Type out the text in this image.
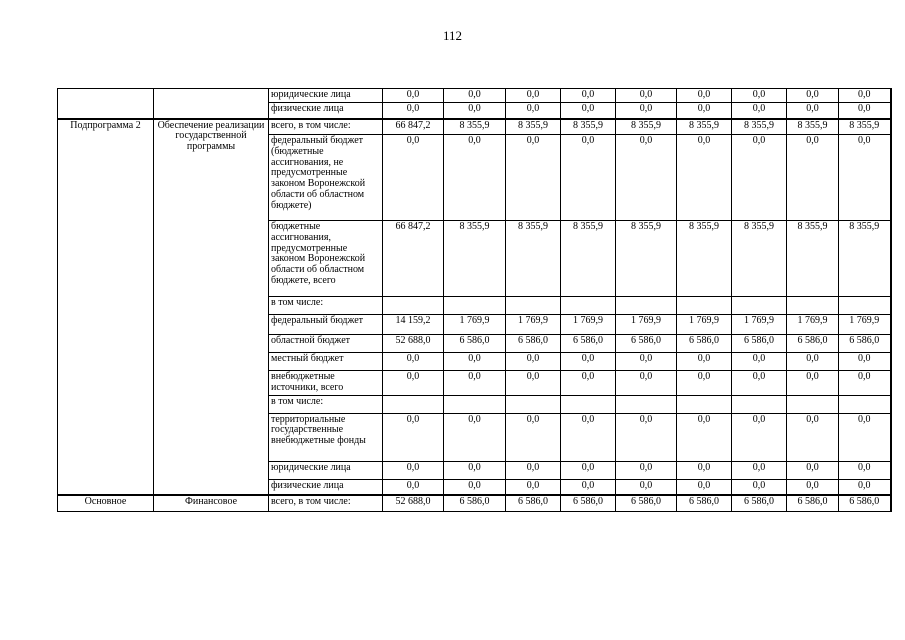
112
		юридические лица	0,0	0,0	0,0	0,0	0,0	0,0	0,0	0,0	0,0
		физические лица	0,0	0,0	0,0	0,0	0,0	0,0	0,0	0,0	0,0
Подпрограмма 2	Обеспечение реализации государственной программы	всего, в том числе:	66 847,2	8 355,9	8 355,9	8 355,9	8 355,9	8 355,9	8 355,9	8 355,9	8 355,9
		федеральный бюджет (бюджетные ассигнования, не предусмотренные законом Воронежской области об областном бюджете)	0,0	0,0	0,0	0,0	0,0	0,0	0,0	0,0	0,0
		бюджетные ассигнования, предусмотренные законом Воронежской области об областном бюджете, всего	66 847,2	8 355,9	8 355,9	8 355,9	8 355,9	8 355,9	8 355,9	8 355,9	8 355,9
		в том числе:									
		федеральный бюджет	14 159,2	1 769,9	1 769,9	1 769,9	1 769,9	1 769,9	1 769,9	1 769,9	1 769,9
		областной бюджет	52 688,0	6 586,0	6 586,0	6 586,0	6 586,0	6 586,0	6 586,0	6 586,0	6 586,0
		местный бюджет	0,0	0,0	0,0	0,0	0,0	0,0	0,0	0,0	0,0
		внебюджетные источники, всего	0,0	0,0	0,0	0,0	0,0	0,0	0,0	0,0	0,0
		в том числе:									
		территориальные государственные внебюджетные фонды	0,0	0,0	0,0	0,0	0,0	0,0	0,0	0,0	0,0
		юридические лица	0,0	0,0	0,0	0,0	0,0	0,0	0,0	0,0	0,0
		физические лица	0,0	0,0	0,0	0,0	0,0	0,0	0,0	0,0	0,0
Основное	Финансовое	всего, в том числе:	52 688,0	6 586,0	6 586,0	6 586,0	6 586,0	6 586,0	6 586,0	6 586,0	6 586,0
